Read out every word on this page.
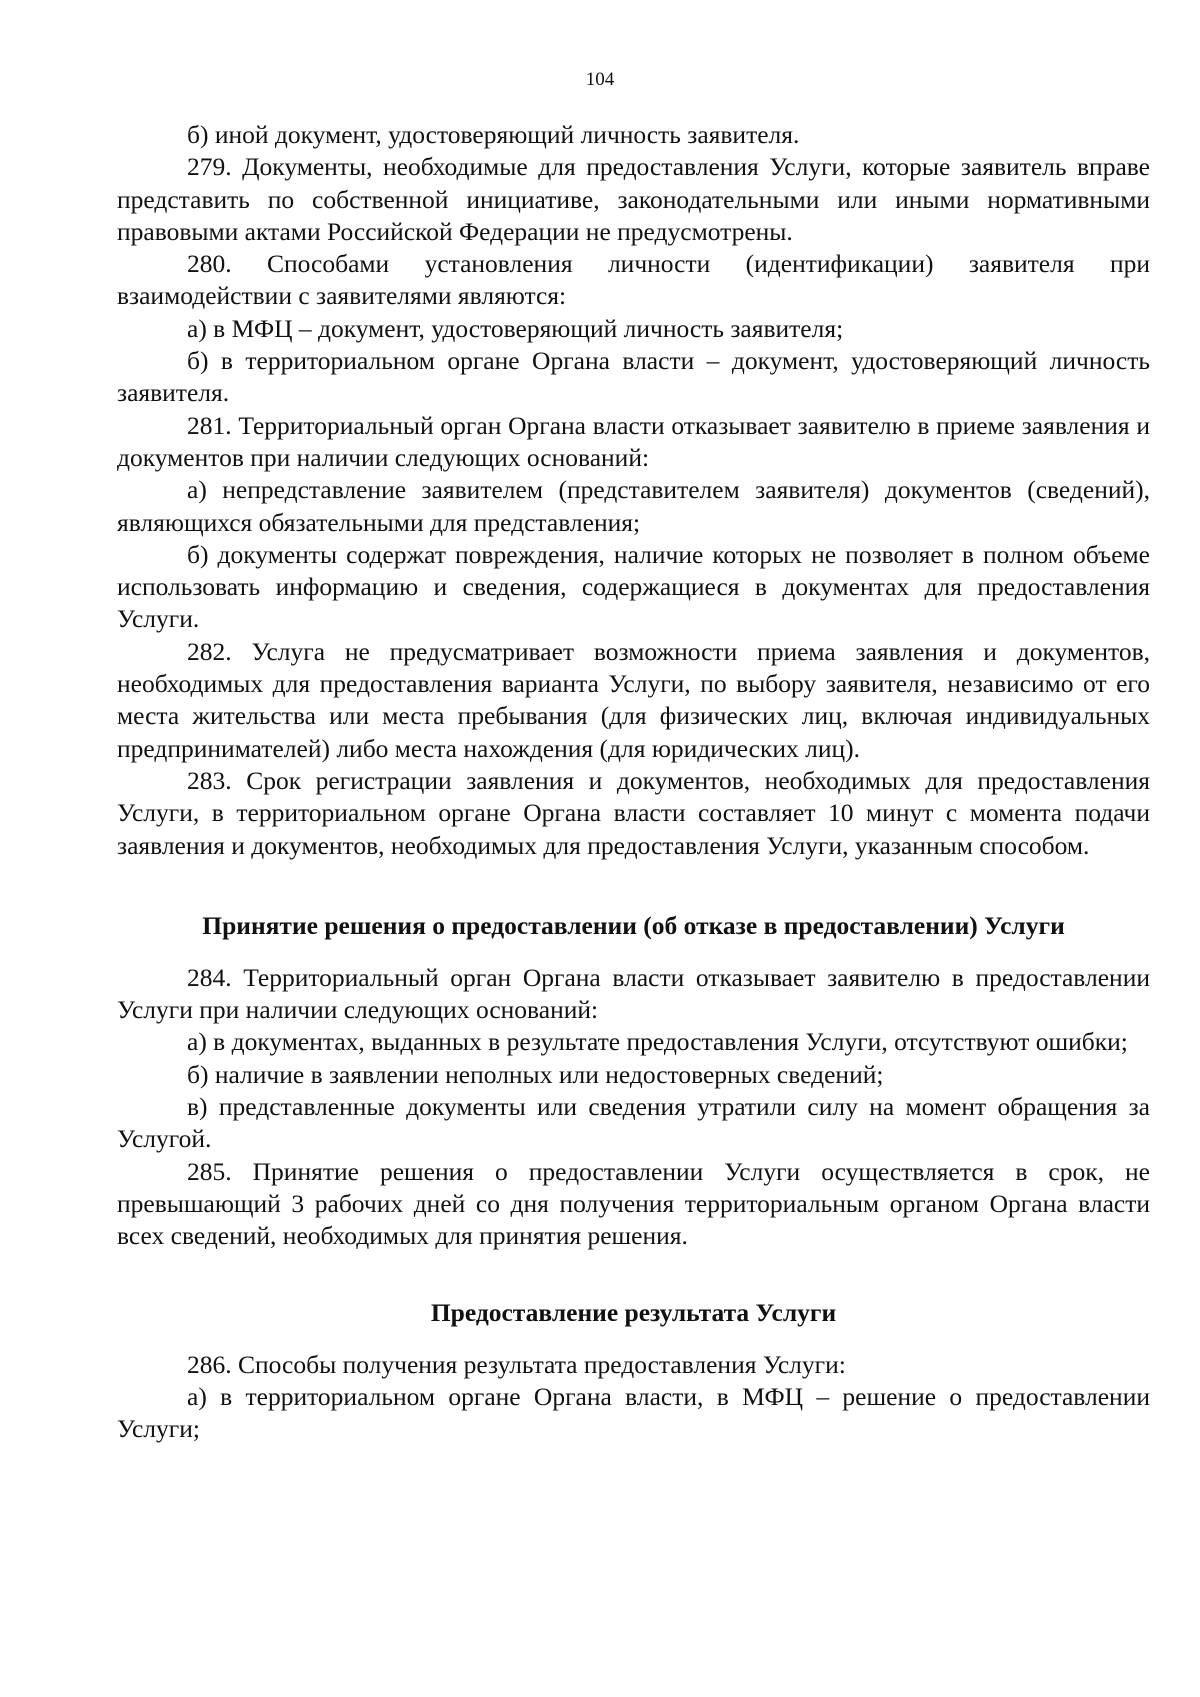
104

б) иной документ, удостоверяющий личность заявителя.

279. Документы, необходимые для предоставления Услуги, которые заявитель вправе представить по собственной инициативе, законодательными или иными нормативными правовыми актами Российской Федерации не предусмотрены.

280. Способами установления личности (идентификации) заявителя при взаимодействии с заявителями являются:

а) в МФЦ – документ, удостоверяющий личность заявителя;

б) в территориальном органе Органа власти – документ, удостоверяющий личность заявителя.

281. Территориальный орган Органа власти отказывает заявителю в приеме заявления и документов при наличии следующих оснований:

а) непредставление заявителем (представителем заявителя) документов (сведений), являющихся обязательными для представления;

б) документы содержат повреждения, наличие которых не позволяет в полном объеме использовать информацию и сведения, содержащиеся в документах для предоставления Услуги.

282. Услуга не предусматривает возможности приема заявления и документов, необходимых для предоставления варианта Услуги, по выбору заявителя, независимо от его места жительства или места пребывания (для физических лиц, включая индивидуальных предпринимателей) либо места нахождения (для юридических лиц).

283. Срок регистрации заявления и документов, необходимых для предоставления Услуги, в территориальном органе Органа власти составляет 10 минут с момента подачи заявления и документов, необходимых для предоставления Услуги, указанным способом.

Принятие решения о предоставлении (об отказе в предоставлении) Услуги

284. Территориальный орган Органа власти отказывает заявителю в предоставлении Услуги при наличии следующих оснований:

а) в документах, выданных в результате предоставления Услуги, отсутствуют ошибки;

б) наличие в заявлении неполных или недостоверных сведений;

в) представленные документы или сведения утратили силу на момент обращения за Услугой.

285. Принятие решения о предоставлении Услуги осуществляется в срок, не превышающий 3 рабочих дней со дня получения территориальным органом Органа власти всех сведений, необходимых для принятия решения.

Предоставление результата Услуги

286. Способы получения результата предоставления Услуги:

а) в территориальном органе Органа власти, в МФЦ – решение о предоставлении Услуги;
